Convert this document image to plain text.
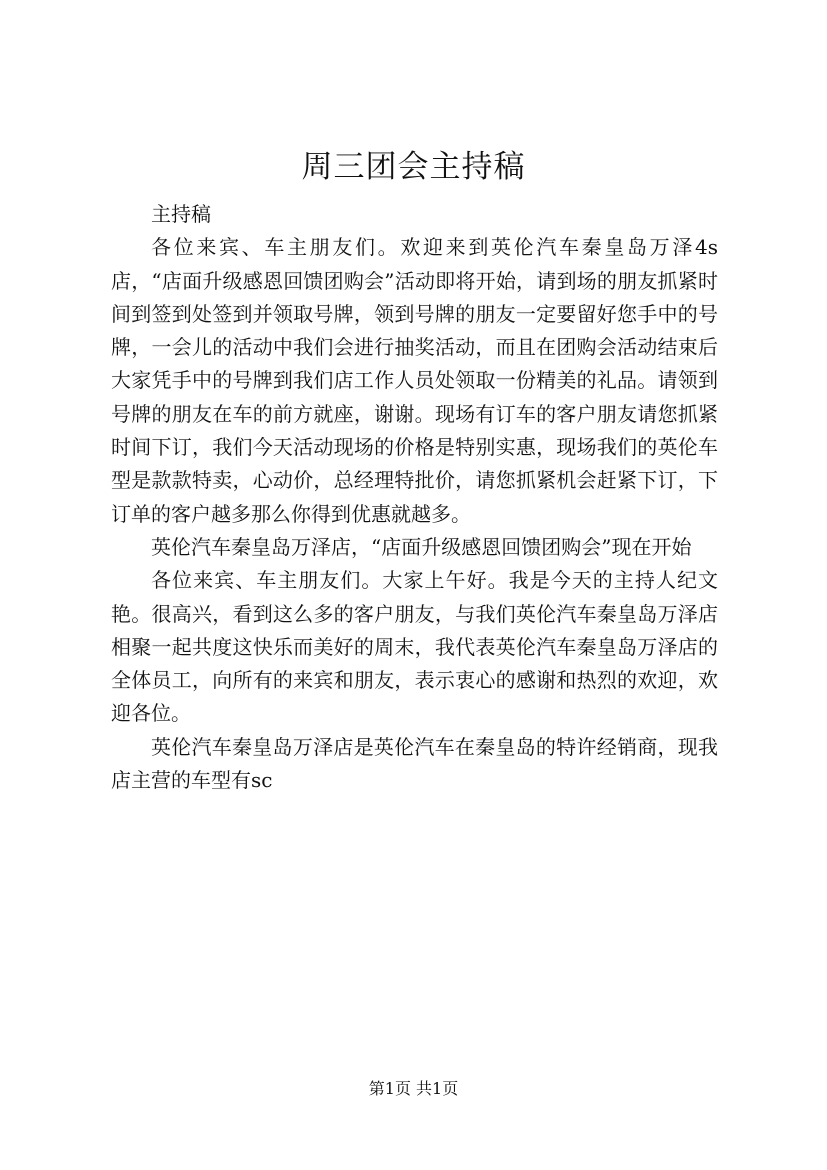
周三团会主持稿

主持稿

各位来宾、车主朋友们。欢迎来到英伦汽车秦皇岛万泽4s店，“店面升级感恩回馈团购会”活动即将开始，请到场的朋友抓紧时间到签到处签到并领取号牌，领到号牌的朋友一定要留好您手中的号牌，一会儿的活动中我们会进行抽奖活动，而且在团购会活动结束后大家凭手中的号牌到我们店工作人员处领取一份精美的礼品。请领到号牌的朋友在车的前方就座，谢谢。现场有订车的客户朋友请您抓紧时间下订，我们今天活动现场的价格是特别实惠，现场我们的英伦车型是款款特卖，心动价，总经理特批价，请您抓紧机会赶紧下订，下订单的客户越多那么你得到优惠就越多。

英伦汽车秦皇岛万泽店，“店面升级感恩回馈团购会”现在开始

各位来宾、车主朋友们。大家上午好。我是今天的主持人纪文艳。很高兴，看到这么多的客户朋友，与我们英伦汽车秦皇岛万泽店相聚一起共度这快乐而美好的周末，我代表英伦汽车秦皇岛万泽店的全体员工，向所有的来宾和朋友，表示衷心的感谢和热烈的欢迎，欢迎各位。

英伦汽车秦皇岛万泽店是英伦汽车在秦皇岛的特许经销商，现我店主营的车型有sc

第1页 共1页
